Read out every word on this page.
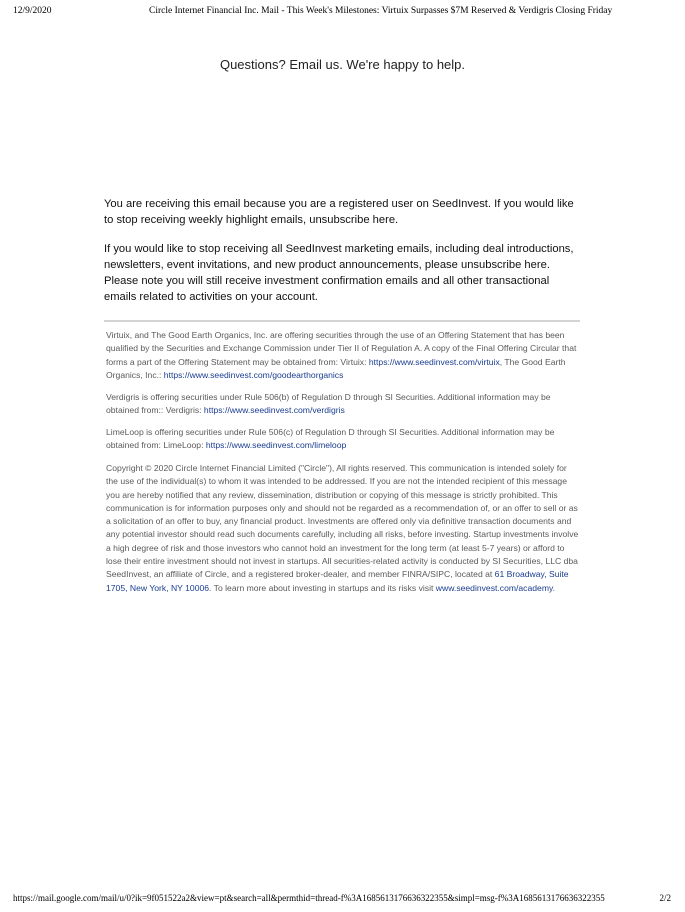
12/9/2020	Circle Internet Financial Inc. Mail - This Week's Milestones: Virtuix Surpasses $7M Reserved & Verdigris Closing Friday
Questions? Email us. We're happy to help.

You are receiving this email because you are a registered user on SeedInvest. If you would like to stop receiving weekly highlight emails, unsubscribe here.

If you would like to stop receiving all SeedInvest marketing emails, including deal introductions, newsletters, event invitations, and new product announcements, please unsubscribe here. Please note you will still receive investment confirmation emails and all other transactional emails related to activities on your account.

Virtuix, and The Good Earth Organics, Inc. are offering securities through the use of an Offering Statement that has been qualified by the Securities and Exchange Commission under Tier II of Regulation A. A copy of the Final Offering Circular that forms a part of the Offering Statement may be obtained from: Virtuix: https://www.seedinvest.com/virtuix, The Good Earth Organics, Inc.: https://www.seedinvest.com/goodearthorganics

Verdigris is offering securities under Rule 506(b) of Regulation D through SI Securities. Additional information may be obtained from:: Verdigris: https://www.seedinvest.com/verdigris

LimeLoop is offering securities under Rule 506(c) of Regulation D through SI Securities. Additional information may be obtained from: LimeLoop: https://www.seedinvest.com/limeloop

Copyright © 2020 Circle Internet Financial Limited ("Circle"), All rights reserved. This communication is intended solely for the use of the individual(s) to whom it was intended to be addressed. If you are not the intended recipient of this message you are hereby notified that any review, dissemination, distribution or copying of this message is strictly prohibited. This communication is for information purposes only and should not be regarded as a recommendation of, or an offer to sell or as a solicitation of an offer to buy, any financial product. Investments are offered only via definitive transaction documents and any potential investor should read such documents carefully, including all risks, before investing. Startup investments involve a high degree of risk and those investors who cannot hold an investment for the long term (at least 5-7 years) or afford to lose their entire investment should not invest in startups. All securities-related activity is conducted by SI Securities, LLC dba SeedInvest, an affiliate of Circle, and a registered broker-dealer, and member FINRA/SIPC, located at 61 Broadway, Suite 1705, New York, NY 10006. To learn more about investing in startups and its risks visit www.seedinvest.com/academy.

https://mail.google.com/mail/u/0?ik=9f051522a2&view=pt&search=all&permthid=thread-f%3A1685613176636322355&simpl=msg-f%3A1685613176636322355	2/2
